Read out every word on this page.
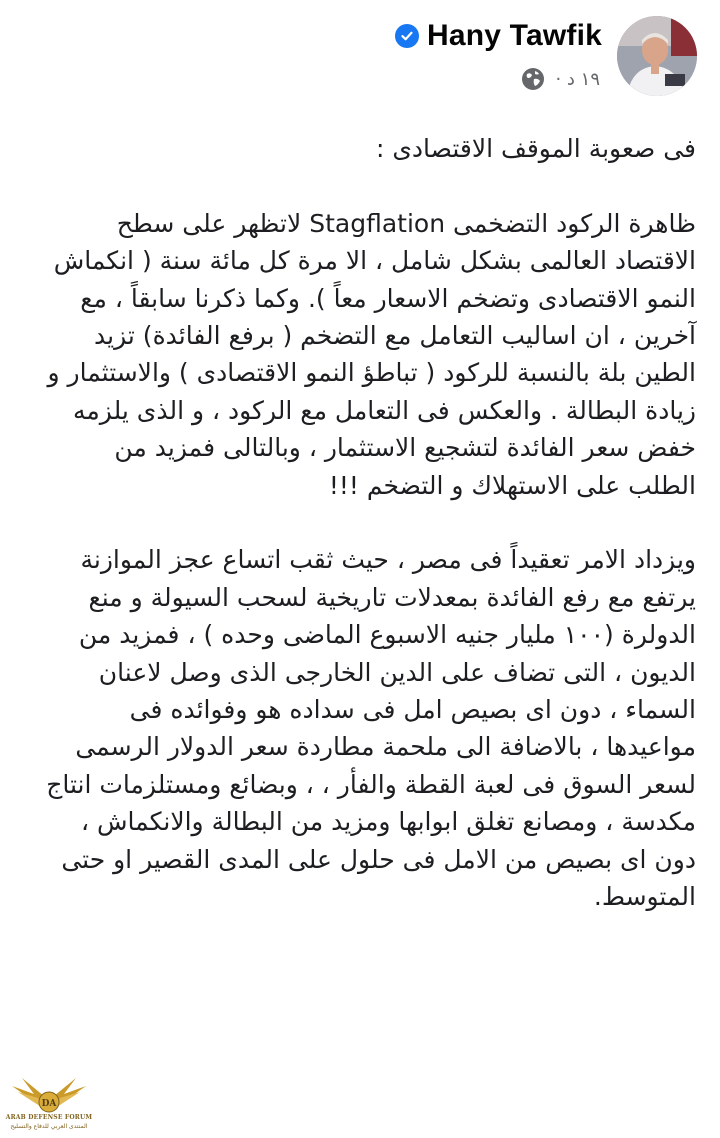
Hany Tawfik
١٩ د ·
فى صعوبة الموقف الاقتصادى :
ظاهرة الركود التضخمى Stagflation لاتظهر على سطح الاقتصاد العالمى بشكل شامل ، الا مرة كل مائة سنة ( انكماش النمو الاقتصادى وتضخم الاسعار معاً ). وكما ذكرنا سابقاً ، مع آخرين ، ان اساليب التعامل مع التضخم ( برفع الفائدة) تزيد الطين بلة بالنسبة للركود ( تباطؤ النمو الاقتصادى ) والاستثمار و زيادة البطالة . والعكس فى التعامل مع الركود ، و الذى يلزمه خفض سعر الفائدة لتشجيع الاستثمار ، وبالتالى فمزيد من الطلب على الاستهلاك و التضخم !!!
ويزداد الامر تعقيداً فى مصر ، حيث ثقب اتساع عجز الموازنة يرتفع مع رفع الفائدة بمعدلات تاريخية لسحب السيولة و منع الدولرة (١٠٠ مليار جنيه الاسبوع الماضى وحده ) ، فمزيد من الديون ، التى تضاف على الدين الخارجى الذى وصل لاعنان السماء ، دون اى بصيص امل فى سداده هو وفوائده فى مواعيدها ، بالاضافة الى ملحمة مطاردة سعر الدولار الرسمى لسعر السوق فى لعبة القطة والفأر ، ، وبضائع ومستلزمات انتاج مكدسة ، ومصانع تغلق ابوابها ومزيد من البطالة والانكماش ، دون اى بصيص من الامل فى حلول على المدى القصير او حتى المتوسط.
DA
ARAB DEFENSE FORUM
المنتدى العربي للدفاع والتسليح
